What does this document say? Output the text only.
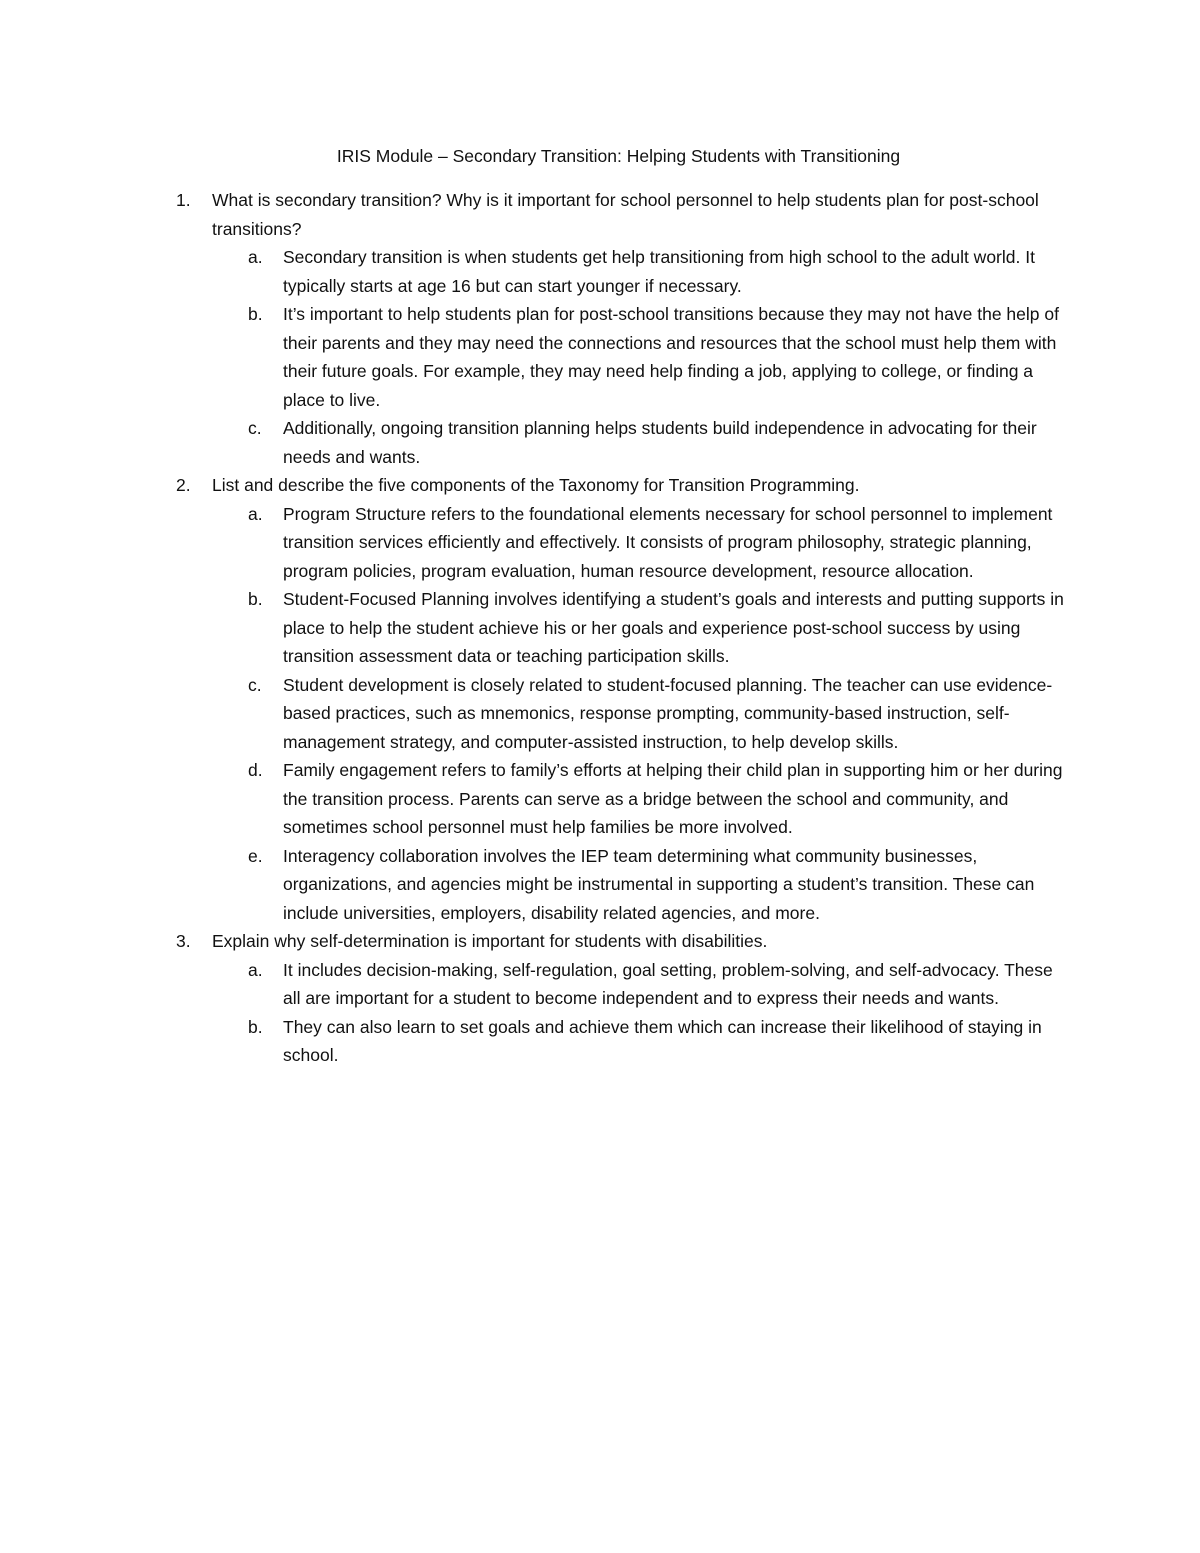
IRIS Module – Secondary Transition: Helping Students with Transitioning
1. What is secondary transition? Why is it important for school personnel to help students plan for post-school transitions?
a. Secondary transition is when students get help transitioning from high school to the adult world. It typically starts at age 16 but can start younger if necessary.
b. It’s important to help students plan for post-school transitions because they may not have the help of their parents and they may need the connections and resources that the school must help them with their future goals. For example, they may need help finding a job, applying to college, or finding a place to live.
c. Additionally, ongoing transition planning helps students build independence in advocating for their needs and wants.
2. List and describe the five components of the Taxonomy for Transition Programming.
a. Program Structure refers to the foundational elements necessary for school personnel to implement transition services efficiently and effectively. It consists of program philosophy, strategic planning, program policies, program evaluation, human resource development, resource allocation.
b. Student-Focused Planning involves identifying a student’s goals and interests and putting supports in place to help the student achieve his or her goals and experience post-school success by using transition assessment data or teaching participation skills.
c. Student development is closely related to student-focused planning. The teacher can use evidence-based practices, such as mnemonics, response prompting, community-based instruction, self-management strategy, and computer-assisted instruction, to help develop skills.
d. Family engagement refers to family’s efforts at helping their child plan in supporting him or her during the transition process. Parents can serve as a bridge between the school and community, and sometimes school personnel must help families be more involved.
e. Interagency collaboration involves the IEP team determining what community businesses, organizations, and agencies might be instrumental in supporting a student’s transition. These can include universities, employers, disability related agencies, and more.
3. Explain why self-determination is important for students with disabilities.
a. It includes decision-making, self-regulation, goal setting, problem-solving, and self-advocacy. These all are important for a student to become independent and to express their needs and wants.
b. They can also learn to set goals and achieve them which can increase their likelihood of staying in school.
